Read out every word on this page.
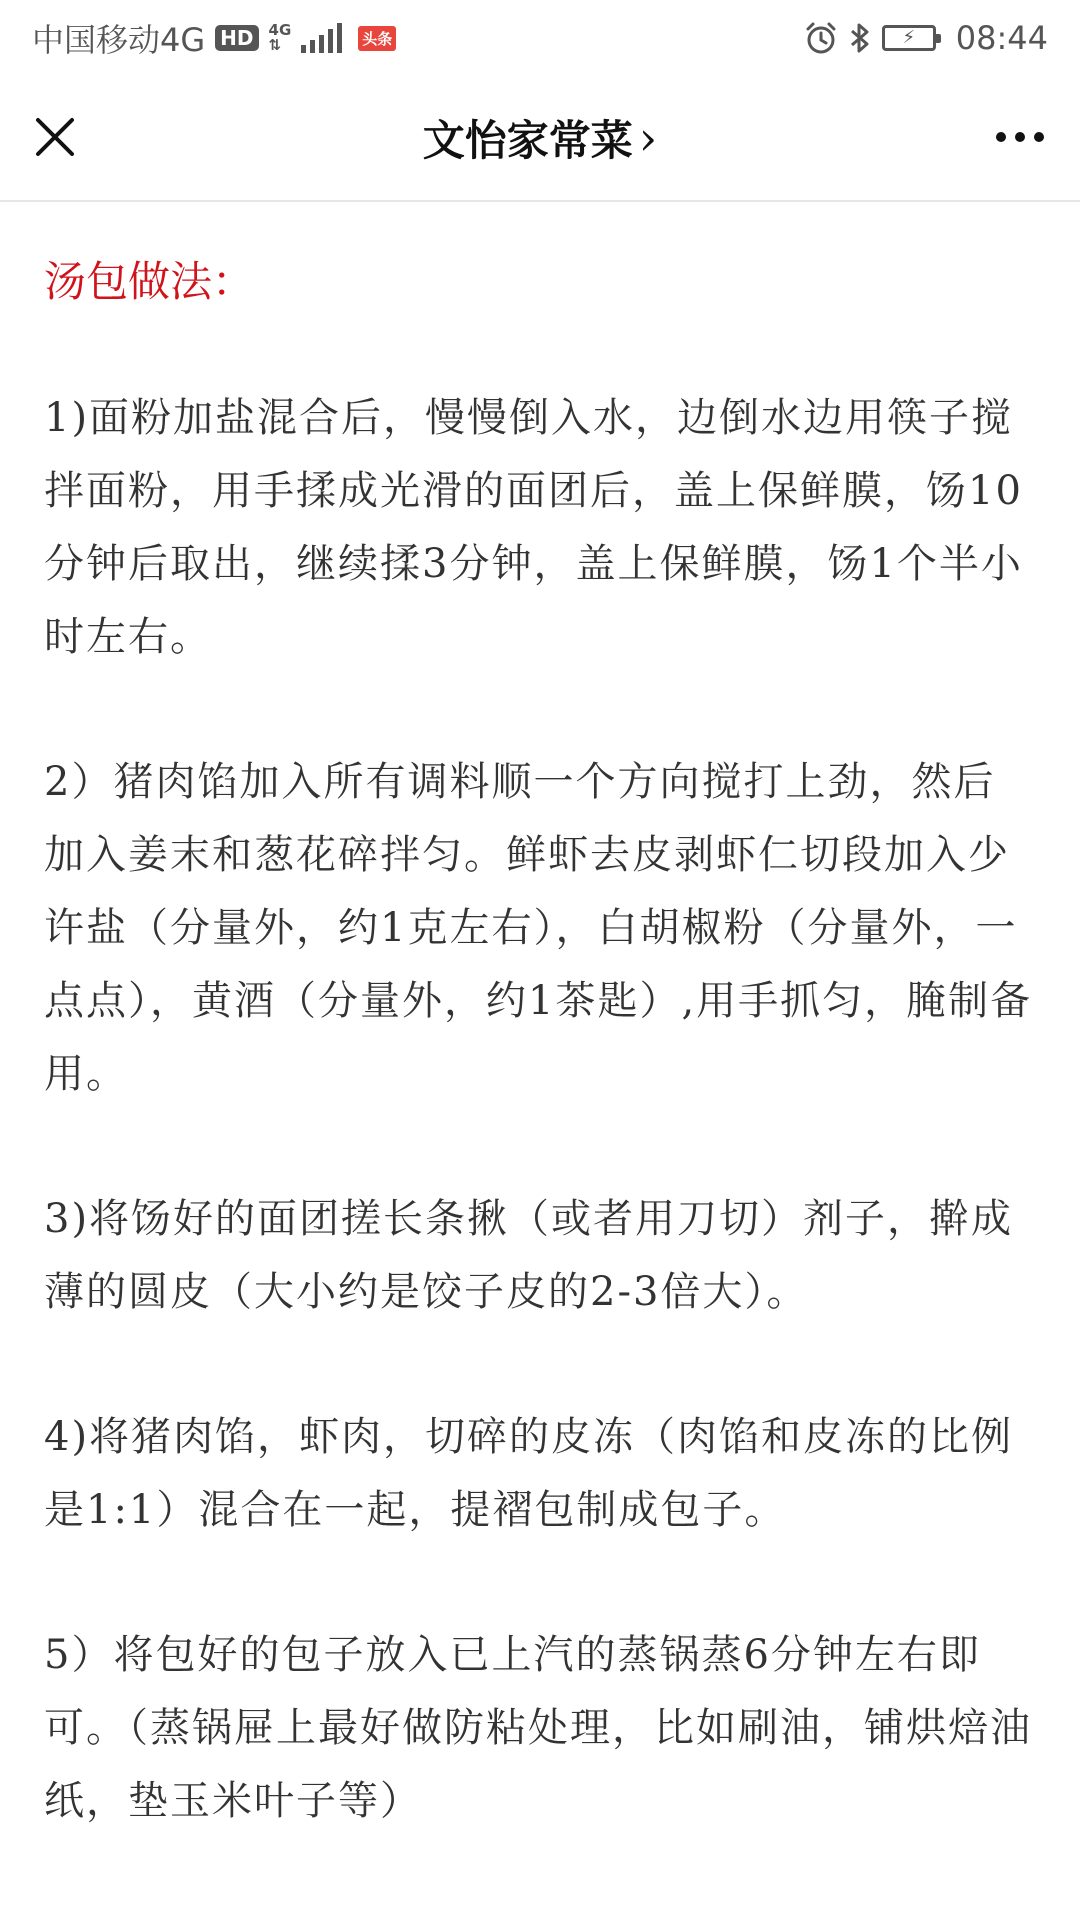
中国移动4G HD	4G
⇅	头条	⚡ 08:44
文怡家常菜 ›

汤包做法：

1)面粉加盐混合后，慢慢倒入水，边倒水边用筷子搅拌面粉，用手揉成光滑的面团后，盖上保鲜膜，饧10分钟后取出，继续揉3分钟，盖上保鲜膜，饧1个半小时左右。

2）猪肉馅加入所有调料顺一个方向搅打上劲，然后加入姜末和葱花碎拌匀。鲜虾去皮剥虾仁切段加入少许盐（分量外，约1克左右），白胡椒粉（分量外，一点点），黄酒（分量外，约1茶匙）,用手抓匀，腌制备用。

3)将饧好的面团搓长条揪（或者用刀切）剂子，擀成薄的圆皮（大小约是饺子皮的2-3倍大）。

4)将猪肉馅，虾肉，切碎的皮冻（肉馅和皮冻的比例是1:1）混合在一起，提褶包制成包子。

5）将包好的包子放入已上汽的蒸锅蒸6分钟左右即可。（蒸锅屉上最好做防粘处理，比如刷油，铺烘焙油纸，垫玉米叶子等）
